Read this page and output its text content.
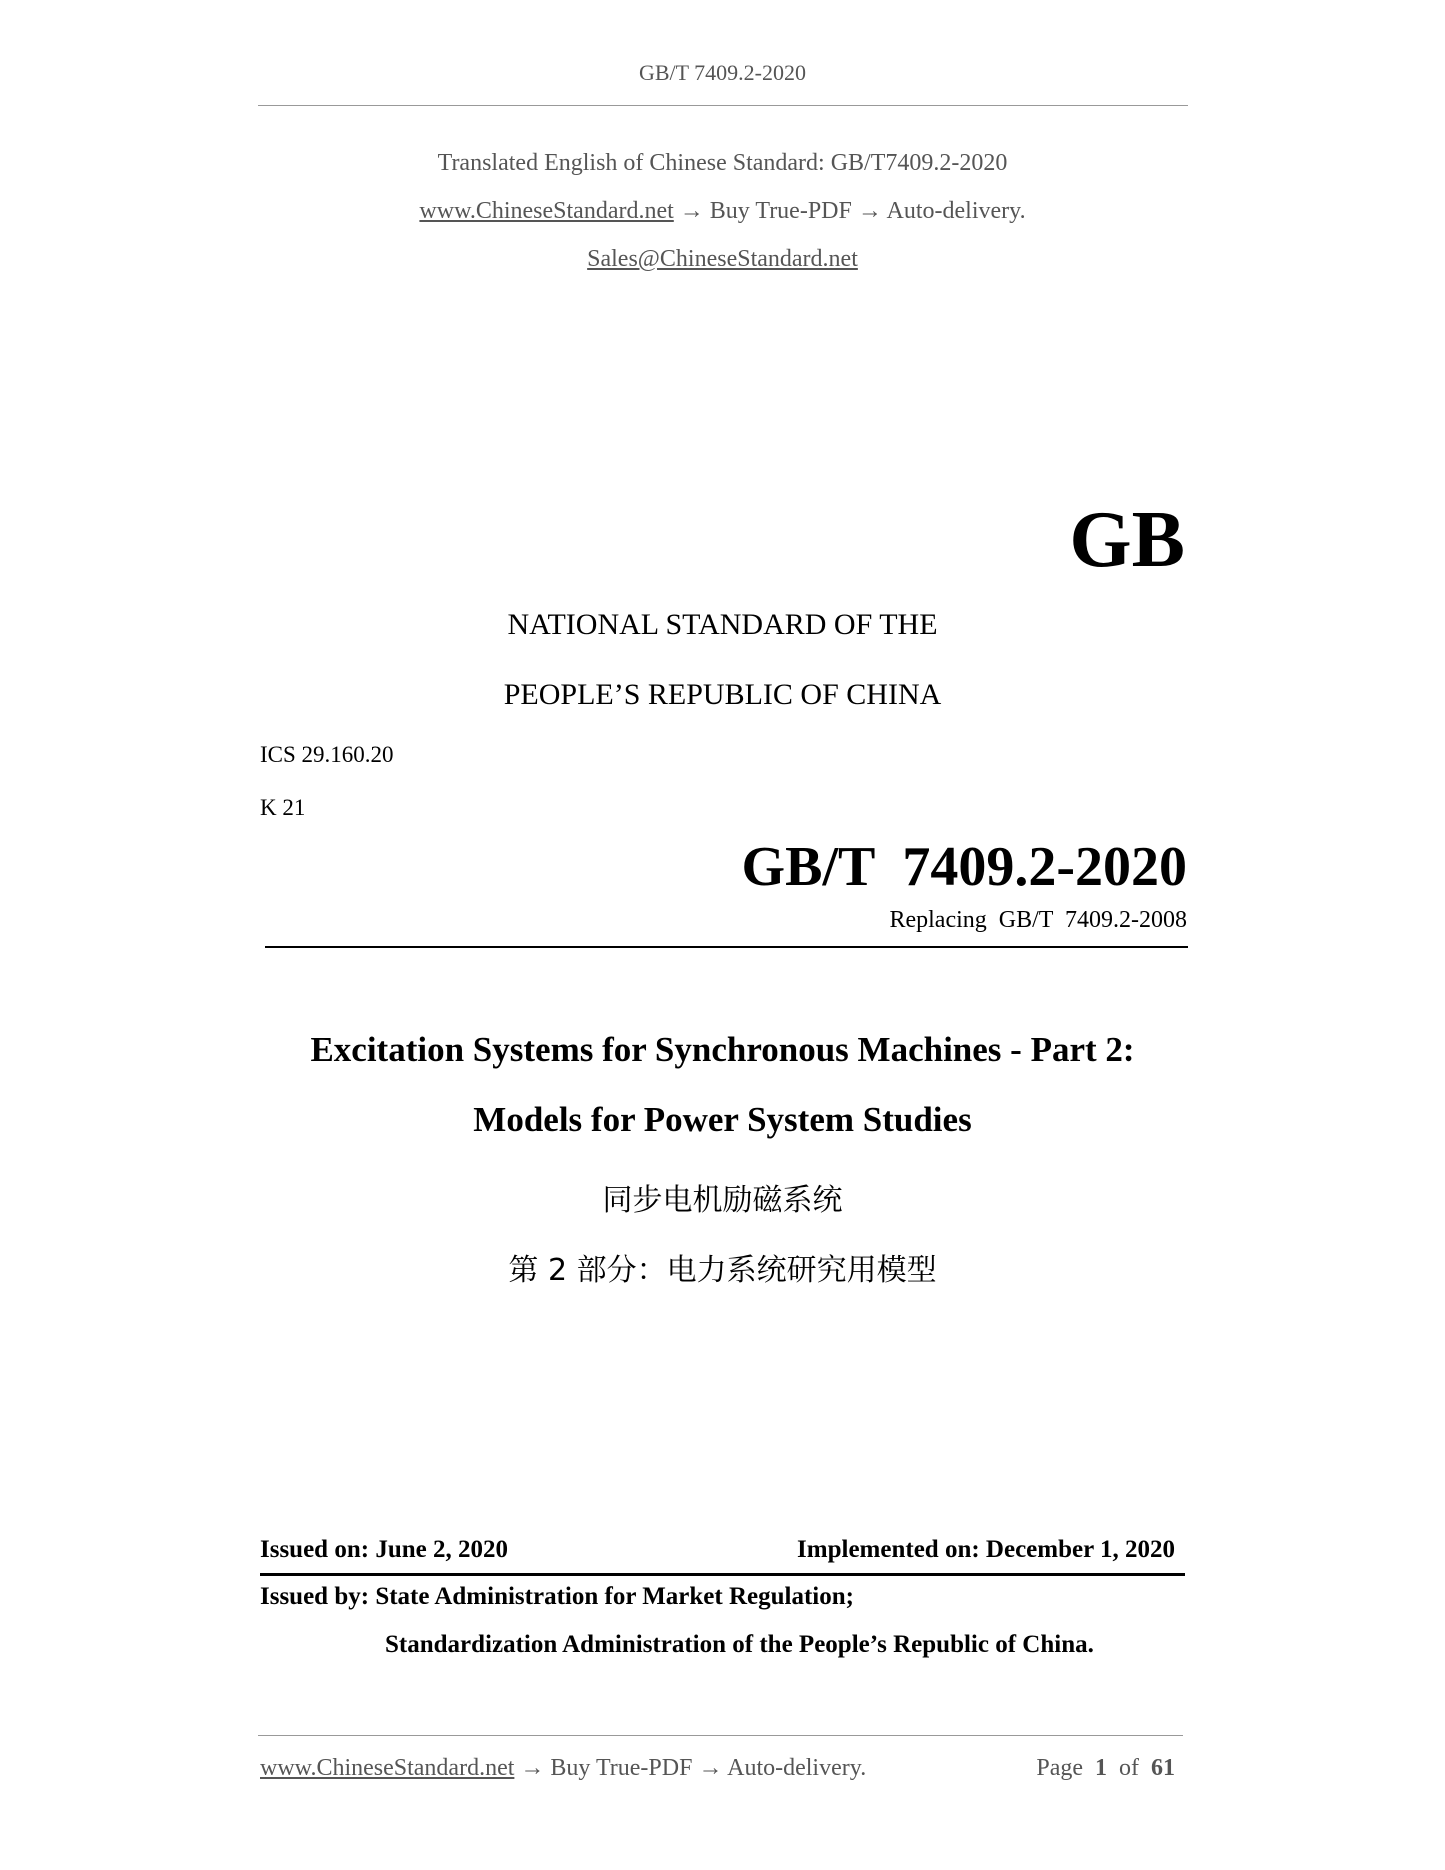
GB/T 7409.2-2020
Translated English of Chinese Standard: GB/T7409.2-2020
www.ChineseStandard.net → Buy True-PDF → Auto-delivery.
Sales@ChineseStandard.net
GB
NATIONAL STANDARD OF THE
PEOPLE’S REPUBLIC OF CHINA
ICS 29.160.20
K 21
GB/T  7409.2-2020
Replacing  GB/T  7409.2-2008
Excitation Systems for Synchronous Machines - Part 2:
Models for Power System Studies
同步电机励磁系统
第 2 部分：电力系统研究用模型
Issued on: June 2, 2020	Implemented on: December 1, 2020
Issued by: State Administration for Market Regulation;
Standardization Administration of the People’s Republic of China.
www.ChineseStandard.net → Buy True-PDF → Auto-delivery.	Page 1 of 61
